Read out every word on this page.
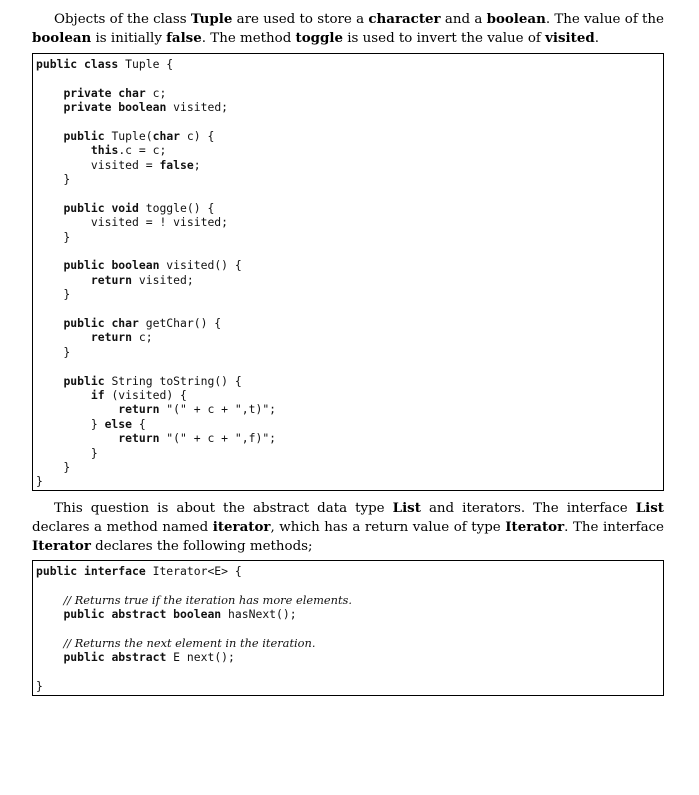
Objects of the class Tuple are used to store a character and a boolean. The value of the boolean is initially false. The method toggle is used to invert the value of visited.

public class Tuple {

private char c;
private boolean visited;

public Tuple(char c) {
this.c = c;
visited = false;
}

public void toggle() {
visited = ! visited;
}

public boolean visited() {
return visited;
}

public char getChar() {
return c;
}

public String toString() {
if (visited) {
return "(" + c + ",t)";
} else {
return "(" + c + ",f)";
}
}
}

This question is about the abstract data type List and iterators. The interface List declares a method named iterator, which has a return value of type Iterator. The interface Iterator declares the following methods;

public interface Iterator<E> {

// Returns true if the iteration has more elements.
public abstract boolean hasNext();

// Returns the next element in the iteration.
public abstract E next();

}
